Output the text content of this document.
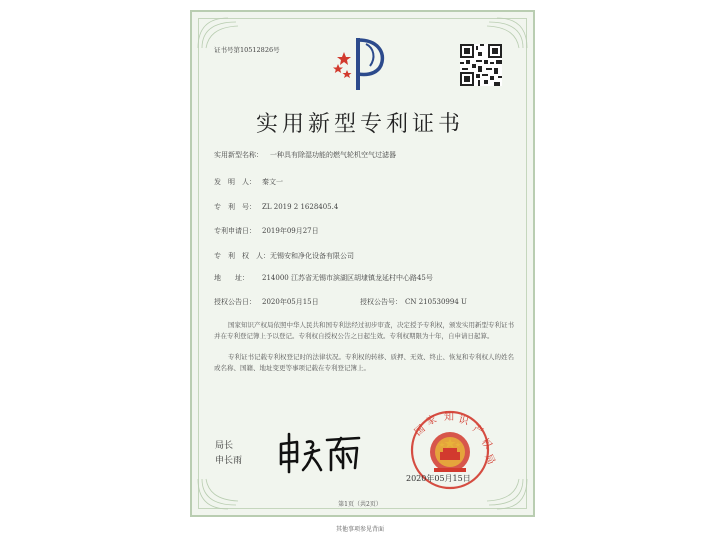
证书号第10512826号
实用新型专利证书
实用新型名称： 一种具有除湿功能的燃气轮机空气过滤器
发　明　人： 秦文一
专　利　号： ZL 2019 2 1628405.4
专利申请日： 2019年09月27日
专　利　权　人： 无锡安和净化设备有限公司
地　　址： 214000 江苏省无锡市滨湖区胡埭镇龙延村中心路45号
授权公告日： 2020年05月15日	授权公告号： CN 210530994 U
国家知识产权局依照中华人民共和国专利法经过初步审查，决定授予专利权，颁发实用新型专利证书并在专利登记簿上予以登记。专利权自授权公告之日起生效。专利权期限为十年，自申请日起算。
专利证书记载专利权登记时的法律状况。专利权的转移、质押、无效、终止、恢复和专利权人的姓名或名称、国籍、地址变更等事项记载在专利登记簿上。
局长
申长雨
国
家 知 识
产
权
局
2020年05月15日
第1页（共2页）
其他事项参见背面
